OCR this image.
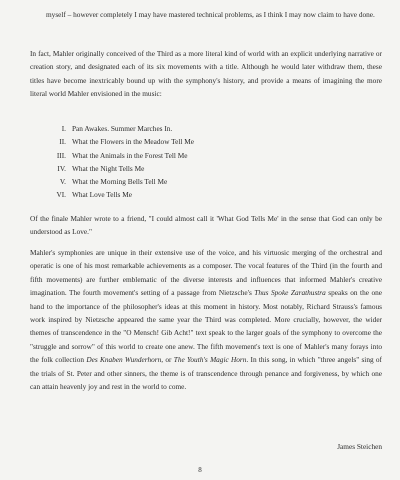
myself – however completely I may have mastered technical problems, as I think I may now claim to have done.

In fact, Mahler originally conceived of the Third as a more literal kind of world with an explicit underlying narrative or creation story, and designated each of its six movements with a title. Although he would later withdraw them, these titles have become inextricably bound up with the symphony's history, and provide a means of imagining the more literal world Mahler envisioned in the music:

I. Pan Awakes. Summer Marches In.
II. What the Flowers in the Meadow Tell Me
III. What the Animals in the Forest Tell Me
IV. What the Night Tells Me
V. What the Morning Bells Tell Me
VI. What Love Tells Me

Of the finale Mahler wrote to a friend, "I could almost call it 'What God Tells Me' in the sense that God can only be understood as Love."

Mahler's symphonies are unique in their extensive use of the voice, and his virtuosic merging of the orchestral and operatic is one of his most remarkable achievements as a composer. The vocal features of the Third (in the fourth and fifth movements) are further emblematic of the diverse interests and influences that informed Mahler's creative imagination. The fourth movement's setting of a passage from Nietzsche's Thus Spoke Zarathustra speaks on the one hand to the importance of the philosopher's ideas at this moment in history. Most notably, Richard Strauss's famous work inspired by Nietzsche appeared the same year the Third was completed. More crucially, however, the wider themes of transcendence in the "O Mensch! Gib Acht!" text speak to the larger goals of the symphony to overcome the "struggle and sorrow" of this world to create one anew. The fifth movement's text is one of Mahler's many forays into the folk collection Des Knaben Wunderhorn, or The Youth's Magic Horn. In this song, in which "three angels" sing of the trials of St. Peter and other sinners, the theme is of transcendence through penance and forgiveness, by which one can attain heavenly joy and rest in the world to come.

James Steichen
8
